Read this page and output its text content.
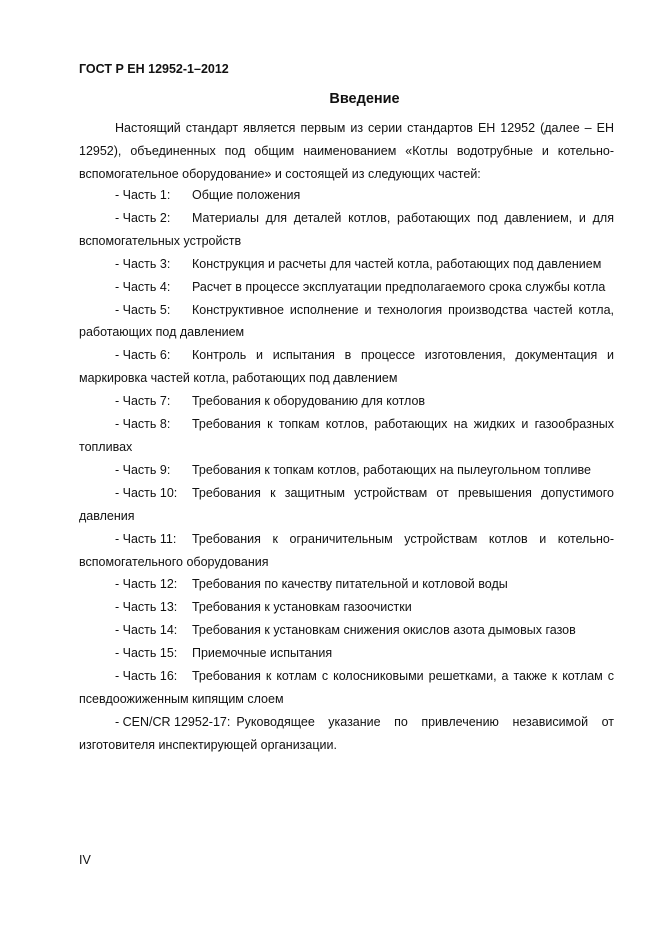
ГОСТ Р ЕН 12952-1–2012
Введение

Настоящий стандарт является первым из серии стандартов ЕН 12952 (далее – ЕН 12952), объединенных под общим наименованием «Котлы водотрубные и котельно-вспомогательное оборудование» и состоящей из следующих частей:

- Часть 1: Общие положения
- Часть 2: Материалы для деталей котлов, работающих под давлением, и для вспомогательных устройств
- Часть 3: Конструкция и расчеты для частей котла, работающих под давлением
- Часть 4: Расчет в процессе эксплуатации предполагаемого срока службы котла
- Часть 5: Конструктивное исполнение и технология производства частей котла, работающих под давлением
- Часть 6: Контроль и испытания в процессе изготовления, документация и маркировка частей котла, работающих под давлением
- Часть 7: Требования к оборудованию для котлов
- Часть 8: Требования к топкам котлов, работающих на жидких и газообразных топливах
- Часть 9: Требования к топкам котлов, работающих на пылеугольном топливе
- Часть 10: Требования к защитным устройствам от превышения допустимого давления
- Часть 11: Требования к ограничительным устройствам котлов и котельно-вспомогательного оборудования
- Часть 12: Требования по качеству питательной и котловой воды
- Часть 13: Требования к установкам газоочистки
- Часть 14: Требования к установкам снижения окислов азота дымовых газов
- Часть 15: Приемочные испытания
- Часть 16: Требования к котлам с колосниковыми решетками, а также к котлам с псевдоожиженным кипящим слоем
- CEN/CR 12952-17: Руководящее указание по привлечению независимой от изготовителя инспектирующей организации.
IV
